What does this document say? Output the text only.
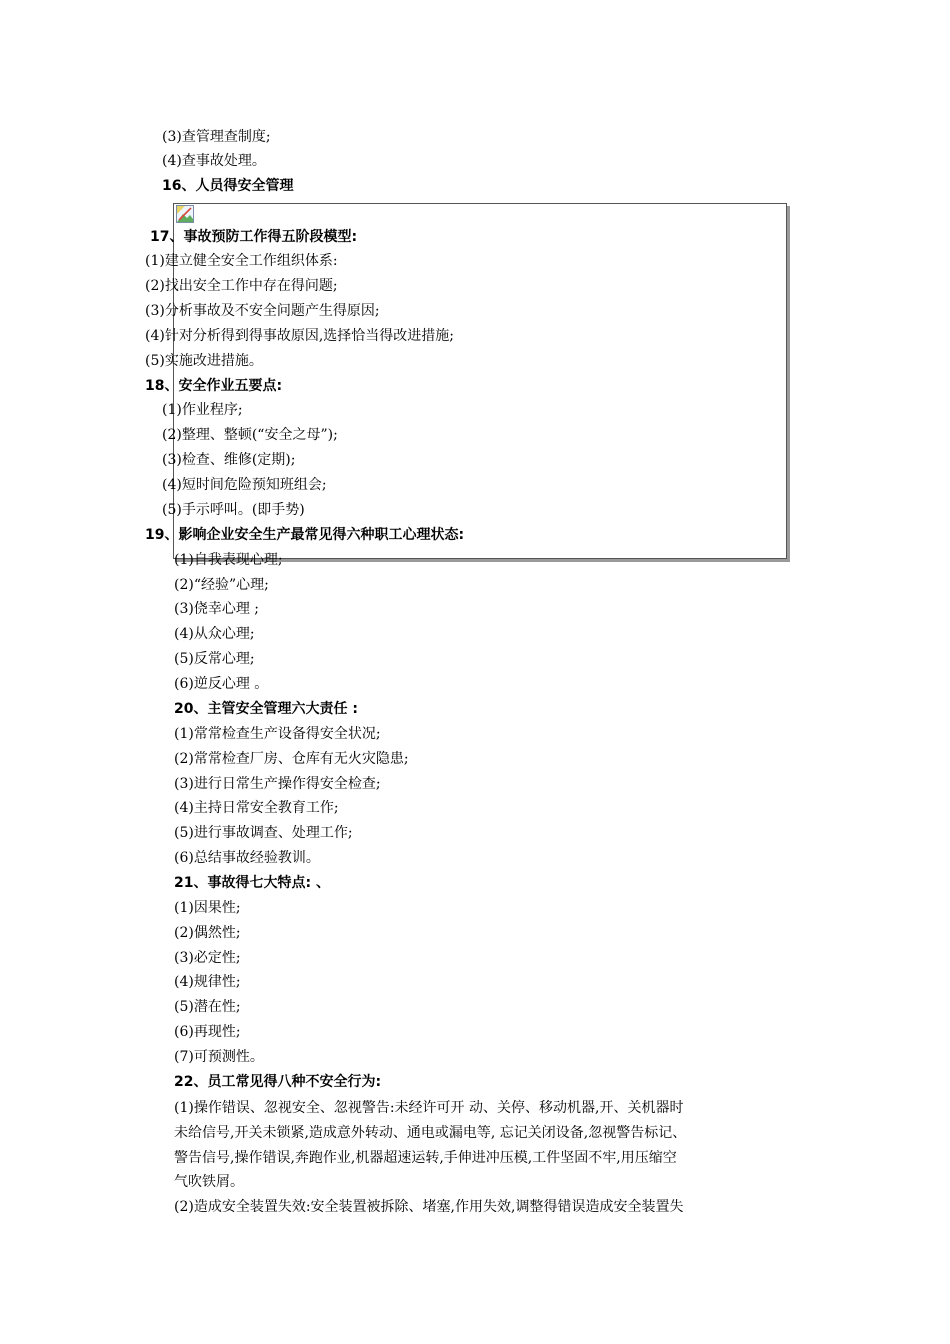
(3)查管理查制度;
(4)查事故处理。
16、人员得安全管理
17、事故预防工作得五阶段模型:
(1)建立健全安全工作组织体系:
(2)找出安全工作中存在得问题;
(3)分析事故及不安全问题产生得原因;
(4)针对分析得到得事故原因,选择恰当得改进措施;
(5)实施改进措施。
18、安全作业五要点:
(1)作业程序;
(2)整理、整顿(“安全之母”);
(3)检查、维修(定期);
(4)短时间危险预知班组会;
(5)手示呼叫。(即手势)
19、影响企业安全生产最常见得六种职工心理状态:
(1)自我表现心理;
(2)“经验”心理;
(3)侥幸心理 ;
(4)从众心理;
(5)反常心理;
(6)逆反心理 。
20、主管安全管理六大责任 :
(1)常常检查生产设备得安全状况;
(2)常常检查厂房、仓库有无火灾隐患;
(3)进行日常生产操作得安全检查;
(4)主持日常安全教育工作;
(5)进行事故调查、处理工作;
(6)总结事故经验教训。
21、事故得七大特点: 、
(1)因果性;
(2)偶然性;
(3)必定性;
(4)规律性;
(5)潜在性;
(6)再现性;
(7)可预测性。
22、员工常见得八种不安全行为:
(1)操作错误、忽视安全、忽视警告:未经许可开 动、关停、移动机器,开、关机器时
未给信号,开关未锁紧,造成意外转动、通电或漏电等, 忘记关闭设备,忽视警告标记、
警告信号,操作错误,奔跑作业,机器超速运转,手伸进冲压模,工件坚固不牢,用压缩空
气吹铁屑。
(2)造成安全装置失效:安全装置被拆除、堵塞,作用失效,调整得错误造成安全装置失
